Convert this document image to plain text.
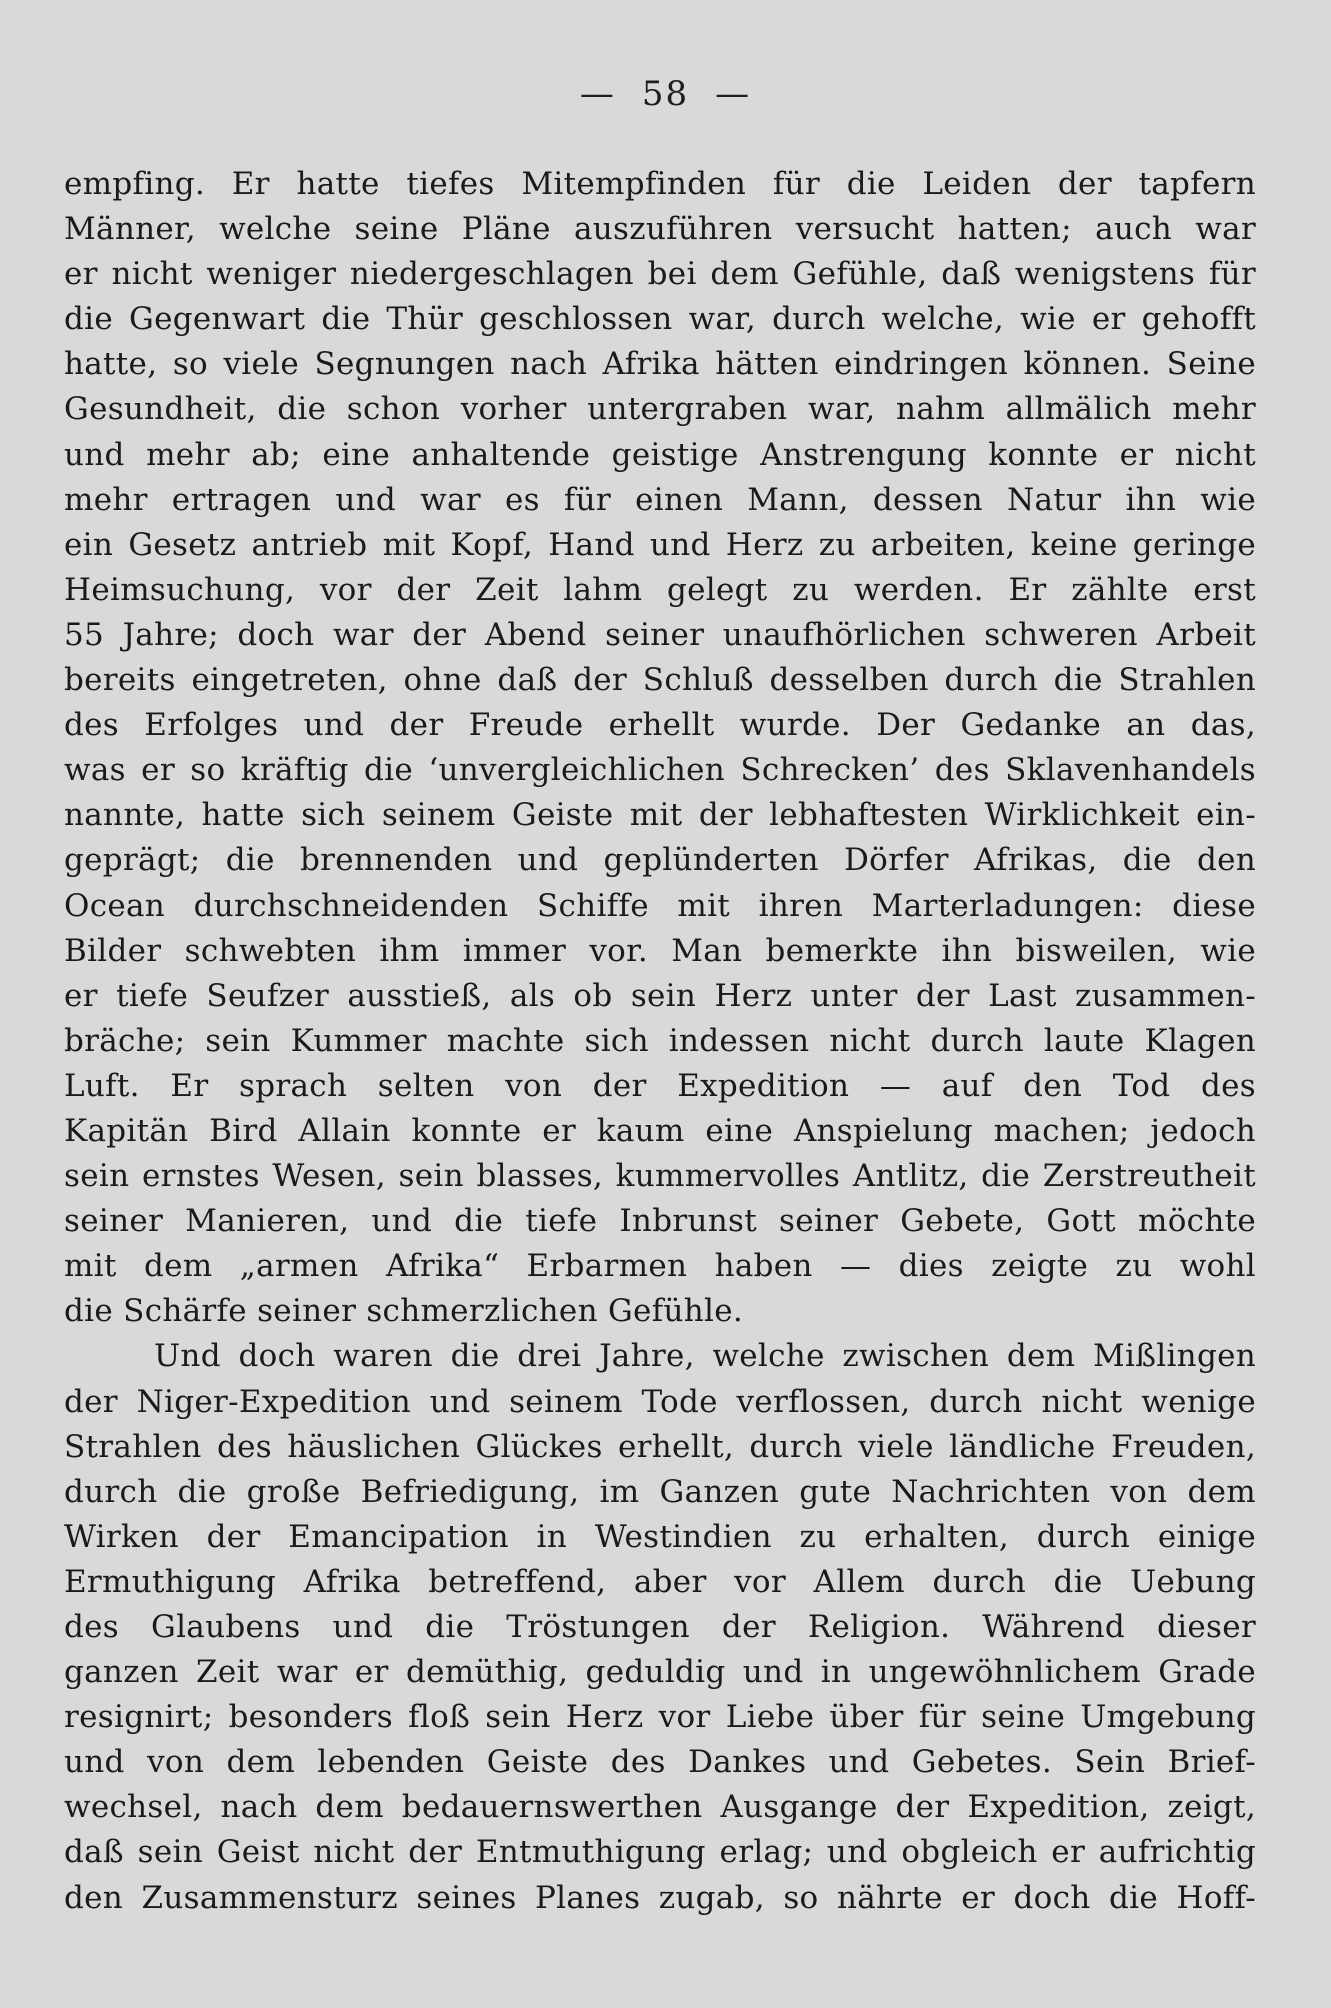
— 58 —
empfing. Er hatte tiefes Mitempfinden für die Leiden der tapfern
Männer, welche seine Pläne auszuführen versucht hatten; auch war
er nicht weniger niedergeschlagen bei dem Gefühle, daß wenigstens für
die Gegenwart die Thür geschlossen war, durch welche, wie er gehofft
hatte, so viele Segnungen nach Afrika hätten eindringen können. Seine
Gesundheit, die schon vorher untergraben war, nahm allmälich mehr
und mehr ab; eine anhaltende geistige Anstrengung konnte er nicht
mehr ertragen und war es für einen Mann, dessen Natur ihn wie
ein Gesetz antrieb mit Kopf, Hand und Herz zu arbeiten, keine geringe
Heimsuchung, vor der Zeit lahm gelegt zu werden. Er zählte erst
55 Jahre; doch war der Abend seiner unaufhörlichen schweren Arbeit
bereits eingetreten, ohne daß der Schluß desselben durch die Strahlen
des Erfolges und der Freude erhellt wurde. Der Gedanke an das,
was er so kräftig die ‘unvergleichlichen Schrecken’ des Sklavenhandels
nannte, hatte sich seinem Geiste mit der lebhaftesten Wirklichkeit ein-
geprägt; die brennenden und geplünderten Dörfer Afrikas, die den
Ocean durchschneidenden Schiffe mit ihren Marterladungen: diese
Bilder schwebten ihm immer vor. Man bemerkte ihn bisweilen, wie
er tiefe Seufzer ausstieß, als ob sein Herz unter der Last zusammen-
bräche; sein Kummer machte sich indessen nicht durch laute Klagen
Luft. Er sprach selten von der Expedition — auf den Tod des
Kapitän Bird Allain konnte er kaum eine Anspielung machen; jedoch
sein ernstes Wesen, sein blasses, kummervolles Antlitz, die Zerstreutheit
seiner Manieren, und die tiefe Inbrunst seiner Gebete, Gott möchte
mit dem „armen Afrika“ Erbarmen haben — dies zeigte zu wohl
die Schärfe seiner schmerzlichen Gefühle.
Und doch waren die drei Jahre, welche zwischen dem Mißlingen
der Niger-Expedition und seinem Tode verflossen, durch nicht wenige
Strahlen des häuslichen Glückes erhellt, durch viele ländliche Freuden,
durch die große Befriedigung, im Ganzen gute Nachrichten von dem
Wirken der Emancipation in Westindien zu erhalten, durch einige
Ermuthigung Afrika betreffend, aber vor Allem durch die Uebung
des Glaubens und die Tröstungen der Religion. Während dieser
ganzen Zeit war er demüthig, geduldig und in ungewöhnlichem Grade
resignirt; besonders floß sein Herz vor Liebe über für seine Umgebung
und von dem lebenden Geiste des Dankes und Gebetes. Sein Brief-
wechsel, nach dem bedauernswerthen Ausgange der Expedition, zeigt,
daß sein Geist nicht der Entmuthigung erlag; und obgleich er aufrichtig
den Zusammensturz seines Planes zugab, so nährte er doch die Hoff-
